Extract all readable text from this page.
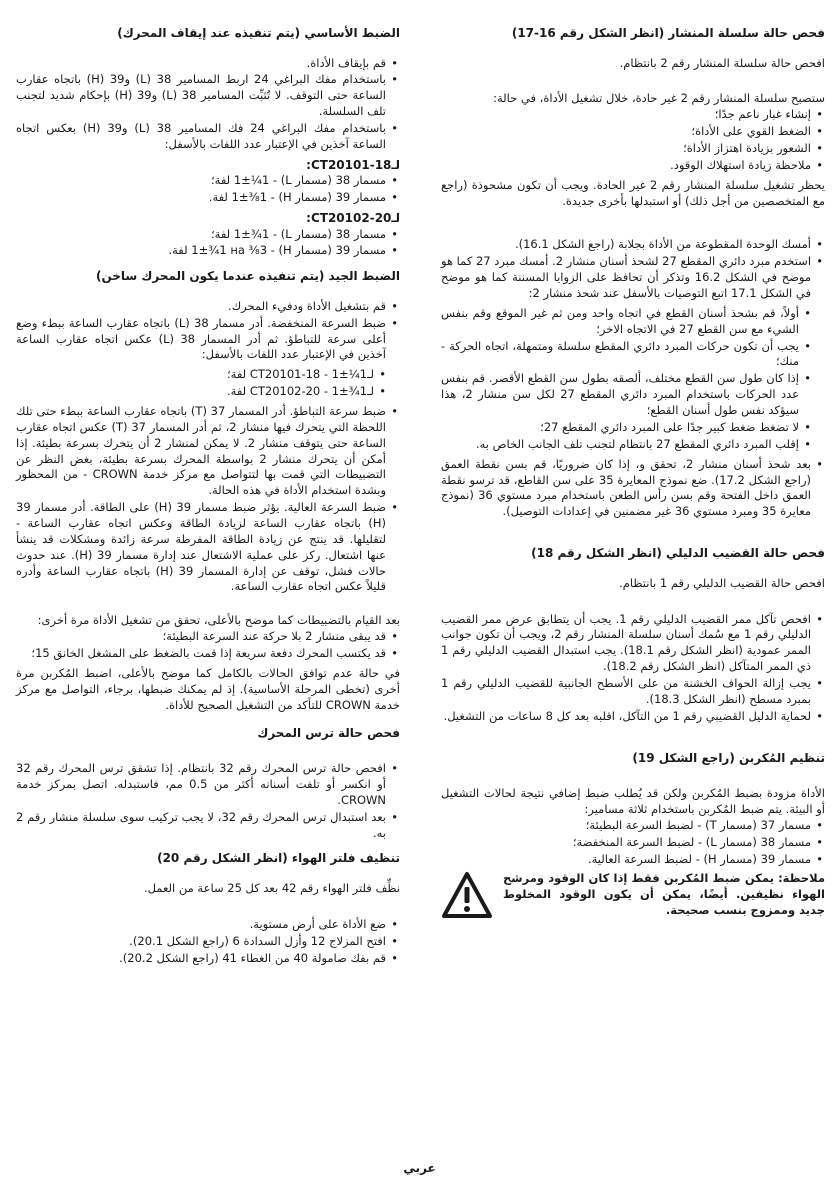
فحص حالة سلسلة المنشار (انظر الشكل رقم 16-17)

افحص حالة سلسلة المنشار رقم 2 بانتظام.

ستصبح سلسلة المنشار رقم 2 غير حادة، خلال تشغيل الأداة، في حالة:

• إنشاء غبار ناعم جدًا؛
• الضغط القوي على الأداة؛
• الشعور بزيادة اهتزاز الأداة؛
• ملاحظة زيادة استهلاك الوقود.

يحظر تشغيل سلسلة المنشار رقم 2 غير الحادة. ويجب أن تكون مشحوذة (راجع مع المتخصصين من أجل ذلك) أو استبدلها بأخرى جديدة.

• أمسك الوحدة المقطوعة من الأداة بجلابة (راجع الشكل 16.1).
• استخدم مبرد دائري المقطع 27 لشحذ أسنان منشار 2. أمسك مبرد 27 كما هو موضح في الشكل 16.2 وتذكر أن تحافظ على الزوايا المسننة كما هو موضح في الشكل 17.1 اتبع التوصيات بالأسفل عند شحذ منشار 2:
• أولاً، قم بشحذ أسنان القطع في اتجاه واحد ومن ثم غير الموقع وقم بنفس الشيء مع سن القطع 27 في الاتجاه الاخر؛
• يجب أن تكون حركات المبرد دائري المقطع سلسلة ومتمهلة، اتجاه الحركة - منك؛
• إذا كان طول سن القطع مختلف، ألصقه بطول سن القطع الأقصر. قم بنفس عدد الحركات باستخدام المبرد دائري المقطع 27 لكل سن منشار 2، هذا سيؤكد نفس طول أسنان القطع؛
• لا تضغط ضغط كبير جدًا على المبرد دائري المقطع 27؛
• إقلب المبرد دائري المقطع 27 بانتظام لتجنب تلف الجانب الخاص به.
• بعد شحذ أسنان منشار 2، تحقق و، إذا كان ضروريًا، قم بسن نقطة العمق (راجع الشكل 17.2). ضع نموذج المعايرة 35 على سن القاطع، قد ترسو نقطة العمق داخل الفتحة وقم بسن رأس الطعن باستخدام مبرد مستوي 36 (نموذج معايرة 35 ومبرد مستوي 36 غير مضمنين في إعدادات التوصيل).
فحص حالة القضيب الدليلي (انظر الشكل رقم 18)

افحص حالة القضيب الدليلي رقم 1 بانتظام.

• افحص تآكل ممر القضيب الدليلي رقم 1. يجب أن يتطابق عرض ممر القضيب الدليلي رقم 1 مع سُمك أسنان سلسلة المنشار رقم 2، ويجب أن تكون جوانب الممر عمودية (انظر الشكل رقم 18.1). يجب استبدال القضيب الدليلي رقم 1 ذي الممر المتآكل (انظر الشكل رقم 18.2).
• يجب إزالة الحواف الخشنة من على الأسطح الجانبية للقضيب الدليلي رقم 1 بمبرد مسطح (انظر الشكل 18.3).
• لحماية الدليل القضيبي رقم 1 من التآكل، اقلبه بعد كل 8 ساعات من التشغيل.
تنظيم المُكربن (راجع الشكل 19)

الأداة مزودة بضبط المُكربن ولكن قد يُطلب ضبط إضافي نتيجة لحالات التشغيل أو البيئة. يتم ضبط المُكربن باستخدام ثلاثة مسامير:

• مسمار 37 (مسمار T) - لضبط السرعة البطيئة؛
• مسمار 38 (مسمار L) - لضبط السرعة المنخفضة؛
• مسمار 39 (مسمار H) - لضبط السرعة العالية.
ملاحظة: يمكن ضبط المُكربن فقط إذا كان الوقود ومرشح الهواء نظيفين. أيضًا، يمكن أن يكون الوقود المخلوط جديد وممزوج بنسب صحيحة.
الضبط الأساسي (يتم تنفيذه عند إيقاف المحرك)
• قم بإيقاف الأداة.
• باستخدام مفك البراغي 24 اربط المسامير 38 (L) و39 (H) باتجاه عقارب الساعة حتى التوقف. لا تُثبِّت المسامير 38 (L) و39 (H) بإحكام شديد لتجنب تلف السلسلة.
• باستخدام مفك البراغي 24 فك المسامير 38 (L) و39 (H) بعكس اتجاه الساعة آخذين في الإعتبار عدد اللفات بالأسفل:

لـCT20101-18:

• مسمار 38 (مسمار L) - 1±¼1 لفة؛
• مسمار 39 (مسمار H) - 1±⅜1 لفة.

لـCT20102-20:

• مسمار 38 (مسمار L) - 1±¾1 لفة؛
• مسمار 39 (مسمار H) - 1±¾1 на ⅜3 لفة.
الضبط الجيد (يتم تنفيذه عندما يكون المحرك ساخن)
• قم بتشغيل الأداة ودفيء المحرك.
• ضبط السرعة المنخفضة. أدر مسمار 38 (L) باتجاه عقارب الساعة ببطء وضع أعلى سرعة للتباطؤ. ثم أدر المسمار 38 (L) عكس اتجاه عقارب الساعة آخذين في الإعتبار عدد اللفات بالأسفل:
• لـCT20101-18 - 1±¼1 لفة؛
• لـCT20102-20 - 1±¾1 لفة.
• ضبط سرعة التباطؤ. أدر المسمار 37 (T) باتجاه عقارب الساعة ببطء حتى تلك اللحظة التي يتحرك فيها منشار 2، ثم أدر المسمار 37 (T) عكس اتجاه عقارب الساعة حتى يتوقف منشار 2. لا يمكن لمنشار 2 أن يتحرك بسرعة بطيئة. إذا أمكن أن يتحرك منشار 2 بواسطة المحرك بسرعة بطيئة، بغض النظر عن التضبيطات التي قمت بها لتتواصل مع مركز خدمة CROWN - من المحظور وبشدة استخدام الأداة في هذه الحالة.
• ضبط السرعة العالية. يؤثر ضبط مسمار 39 (H) على الطاقة. أدر مسمار 39 (H) باتجاه عقارب الساعة لزيادة الطاقة وعكس اتجاه عقارب الساعة - لتقليلها. قد ينتج عن زيادة الطاقة المفرطة سرعة زائدة ومشكلات قد ينشأ عنها اشتعال. ركز على عملية الاشتعال عند إدارة مسمار 39 (H). عند حدوث حالات فشل، توقف عن إدارة المسمار 39 (H) باتجاه عقارب الساعة وأدره قليلاً عكس اتجاه عقارب الساعة.

بعد القيام بالتضبيطات كما موضح بالأعلى، تحقق من تشغيل الأداة مرة أخرى:

• قد يبقى منشار 2 بلا حركة عند السرعة البطيئة؛
• قد يكتسب المحرك دفعة سريعة إذا قمت بالضغط على المشغل الخانق 15؛

في حالة عدم توافق الحالات بالكامل كما موضح بالأعلى، اضبط المُكربن مرة أخرى (تخطى المرحلة الأساسية). إذ لم يمكنك ضبطها، برجاء، التواصل مع مركز خدمة CROWN للتأكد من التشغيل الصحيح للأداة.

فحص حالة ترس المحرك
• افحص حالة ترس المحرك رقم 32 بانتظام. إذا تشقق ترس المحرك رقم 32 أو انكسر أو تلفت أسنانه أكثر من 0.5 مم، فاستبدله. اتصل بمركز خدمة CROWN.
• بعد استبدال ترس المحرك رقم 32، لا يجب تركيب سوى سلسلة منشار رقم 2 به.
تنظيف فلتر الهواء (انظر الشكل رقم 20)

نظِّف فلتر الهواء رقم 42 بعد كل 25 ساعة من العمل.

• ضع الأداة على أرض مستوية.
• افتح المزلاج 12 وأزل السدادة 6 (راجع الشكل 20.1).
• قم بفك صامولة 40 من الغطاء 41 (راجع الشكل 20.2).
عربي
